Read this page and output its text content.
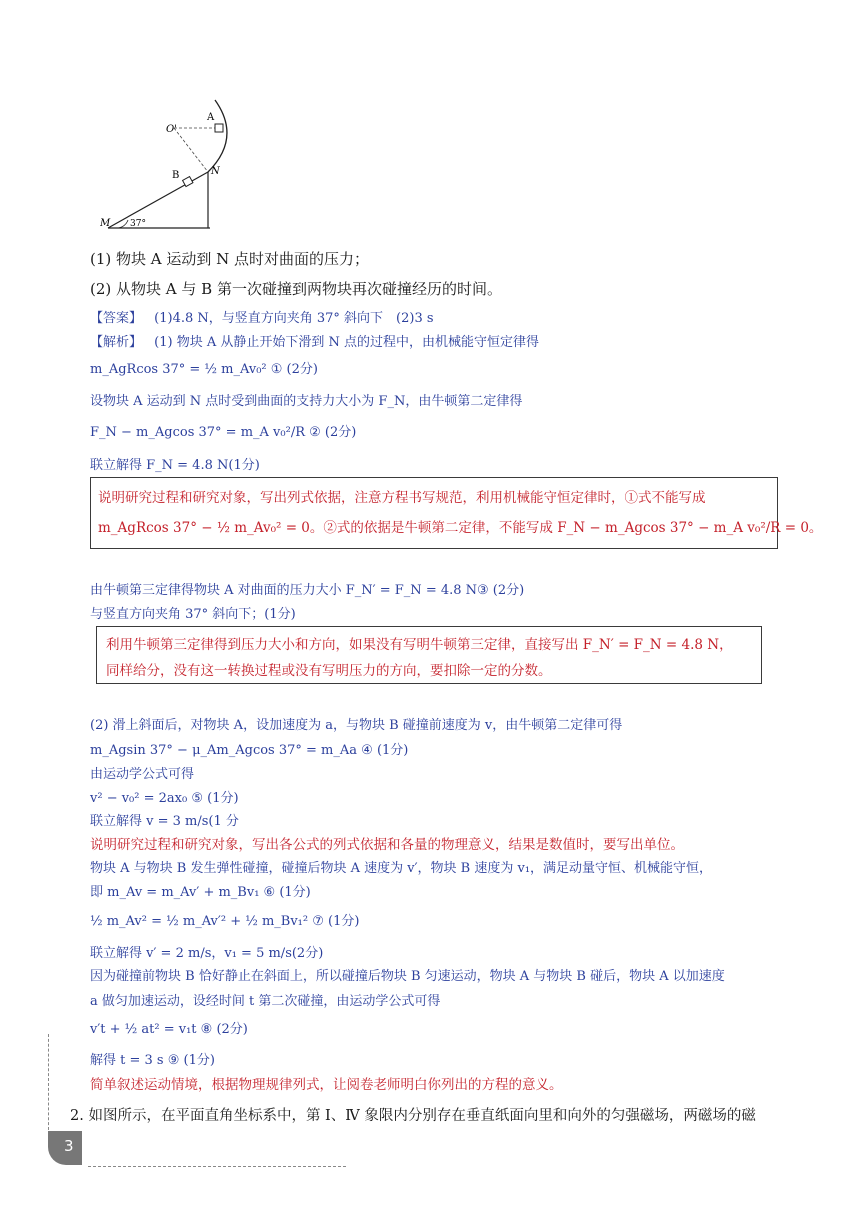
A
O'
B	N
M 37°
(1) 物块 A 运动到 N 点时对曲面的压力；
(2) 从物块 A 与 B 第一次碰撞到两物块再次碰撞经历的时间。
【答案】 (1)4.8 N，与竖直方向夹角 37° 斜向下　(2)3 s
【解析】 (1) 物块 A 从静止开始下滑到 N 点的过程中，由机械能守恒定律得
m_AgRcos 37° = ½ m_Av₀² ① (2分)
设物块 A 运动到 N 点时受到曲面的支持力大小为 F_N，由牛顿第二定律得
F_N − m_Agcos 37° = m_A v₀²/R ② (2分)
联立解得 F_N = 4.8 N(1分)
说明研究过程和研究对象，写出列式依据，注意方程书写规范，利用机械能守恒定律时，①式不能写成
m_AgRcos 37° − ½ m_Av₀² = 0。②式的依据是牛顿第二定律，不能写成 F_N − m_Agcos 37° − m_A v₀²/R = 0。
由牛顿第三定律得物块 A 对曲面的压力大小 F_N′ = F_N = 4.8 N③ (2分)
与竖直方向夹角 37° 斜向下；(1分)
利用牛顿第三定律得到压力大小和方向，如果没有写明牛顿第三定律，直接写出 F_N′ = F_N = 4.8 N，
同样给分，没有这一转换过程或没有写明压力的方向，要扣除一定的分数。
(2) 滑上斜面后，对物块 A，设加速度为 a，与物块 B 碰撞前速度为 v，由牛顿第二定律可得
m_Agsin 37° − μ_Am_Agcos 37° = m_Aa ④ (1分)
由运动学公式可得
v² − v₀² = 2ax₀ ⑤ (1分)
联立解得 v = 3 m/s(1 分
说明研究过程和研究对象，写出各公式的列式依据和各量的物理意义，结果是数值时，要写出单位。
物块 A 与物块 B 发生弹性碰撞，碰撞后物块 A 速度为 v′，物块 B 速度为 v₁，满足动量守恒、机械能守恒，
即 m_Av = m_Av′ + m_Bv₁ ⑥ (1分)
½ m_Av² = ½ m_Av′² + ½ m_Bv₁² ⑦ (1分)
联立解得 v′ = 2 m/s，v₁ = 5 m/s(2分)
因为碰撞前物块 B 恰好静止在斜面上，所以碰撞后物块 B 匀速运动，物块 A 与物块 B 碰后，物块 A 以加速度
a 做匀加速运动，设经时间 t 第二次碰撞，由运动学公式可得
v′t + ½ at² = v₁t ⑧ (2分)
解得 t = 3 s ⑨ (1分)
简单叙述运动情境，根据物理规律列式，让阅卷老师明白你列出的方程的意义。
2. 如图所示，在平面直角坐标系中，第 Ⅰ、Ⅳ 象限内分别存在垂直纸面向里和向外的匀强磁场，两磁场的磁
3
